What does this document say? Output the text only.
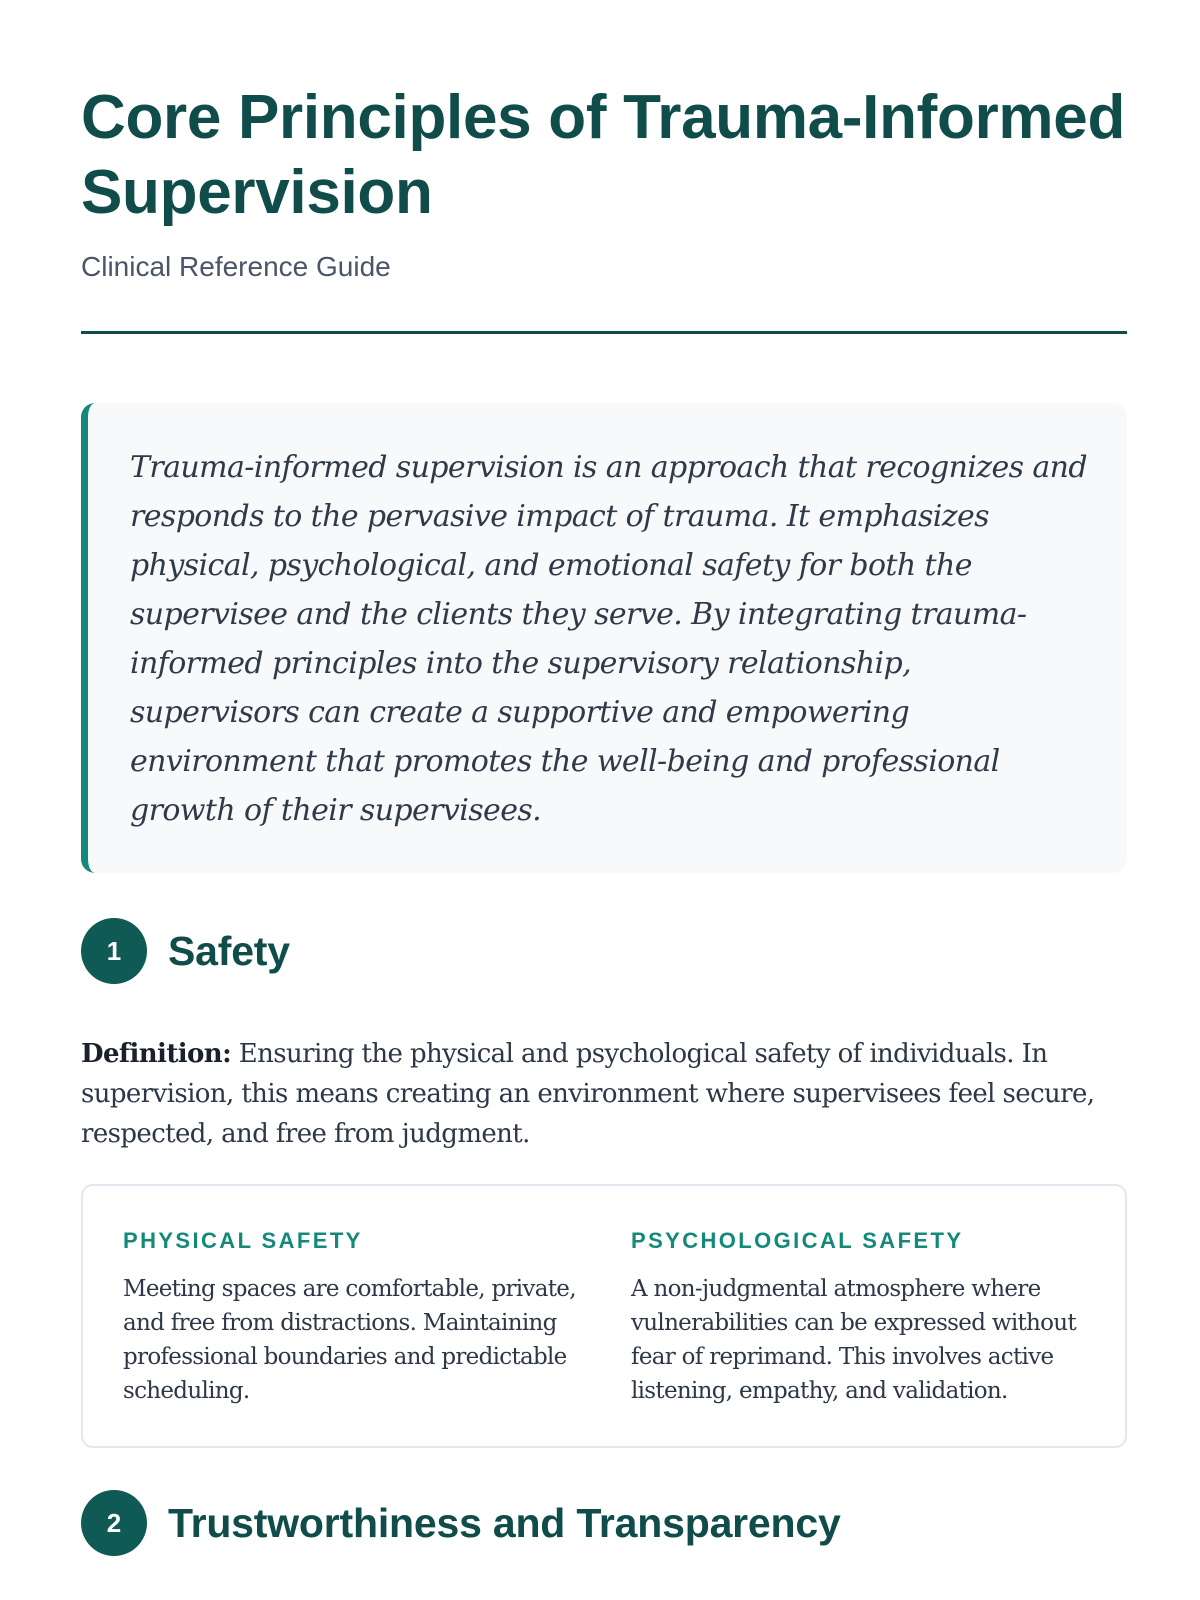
Core Principles of Trauma-Informed Supervision
Clinical Reference Guide

Trauma-informed supervision is an approach that recognizes and responds to the pervasive impact of trauma. It emphasizes physical, psychological, and emotional safety for both the supervisee and the clients they serve. By integrating trauma-informed principles into the supervisory relationship, supervisors can create a supportive and empowering environment that promotes the well-being and professional growth of their supervisees.

1	Safety

Definition: Ensuring the physical and psychological safety of individuals. In supervision, this means creating an environment where supervisees feel secure, respected, and free from judgment.

PHYSICAL SAFETY

Meeting spaces are comfortable, private, and free from distractions. Maintaining professional boundaries and predictable scheduling.

PSYCHOLOGICAL SAFETY

A non-judgmental atmosphere where vulnerabilities can be expressed without fear of reprimand. This involves active listening, empathy, and validation.

2	Trustworthiness and Transparency
